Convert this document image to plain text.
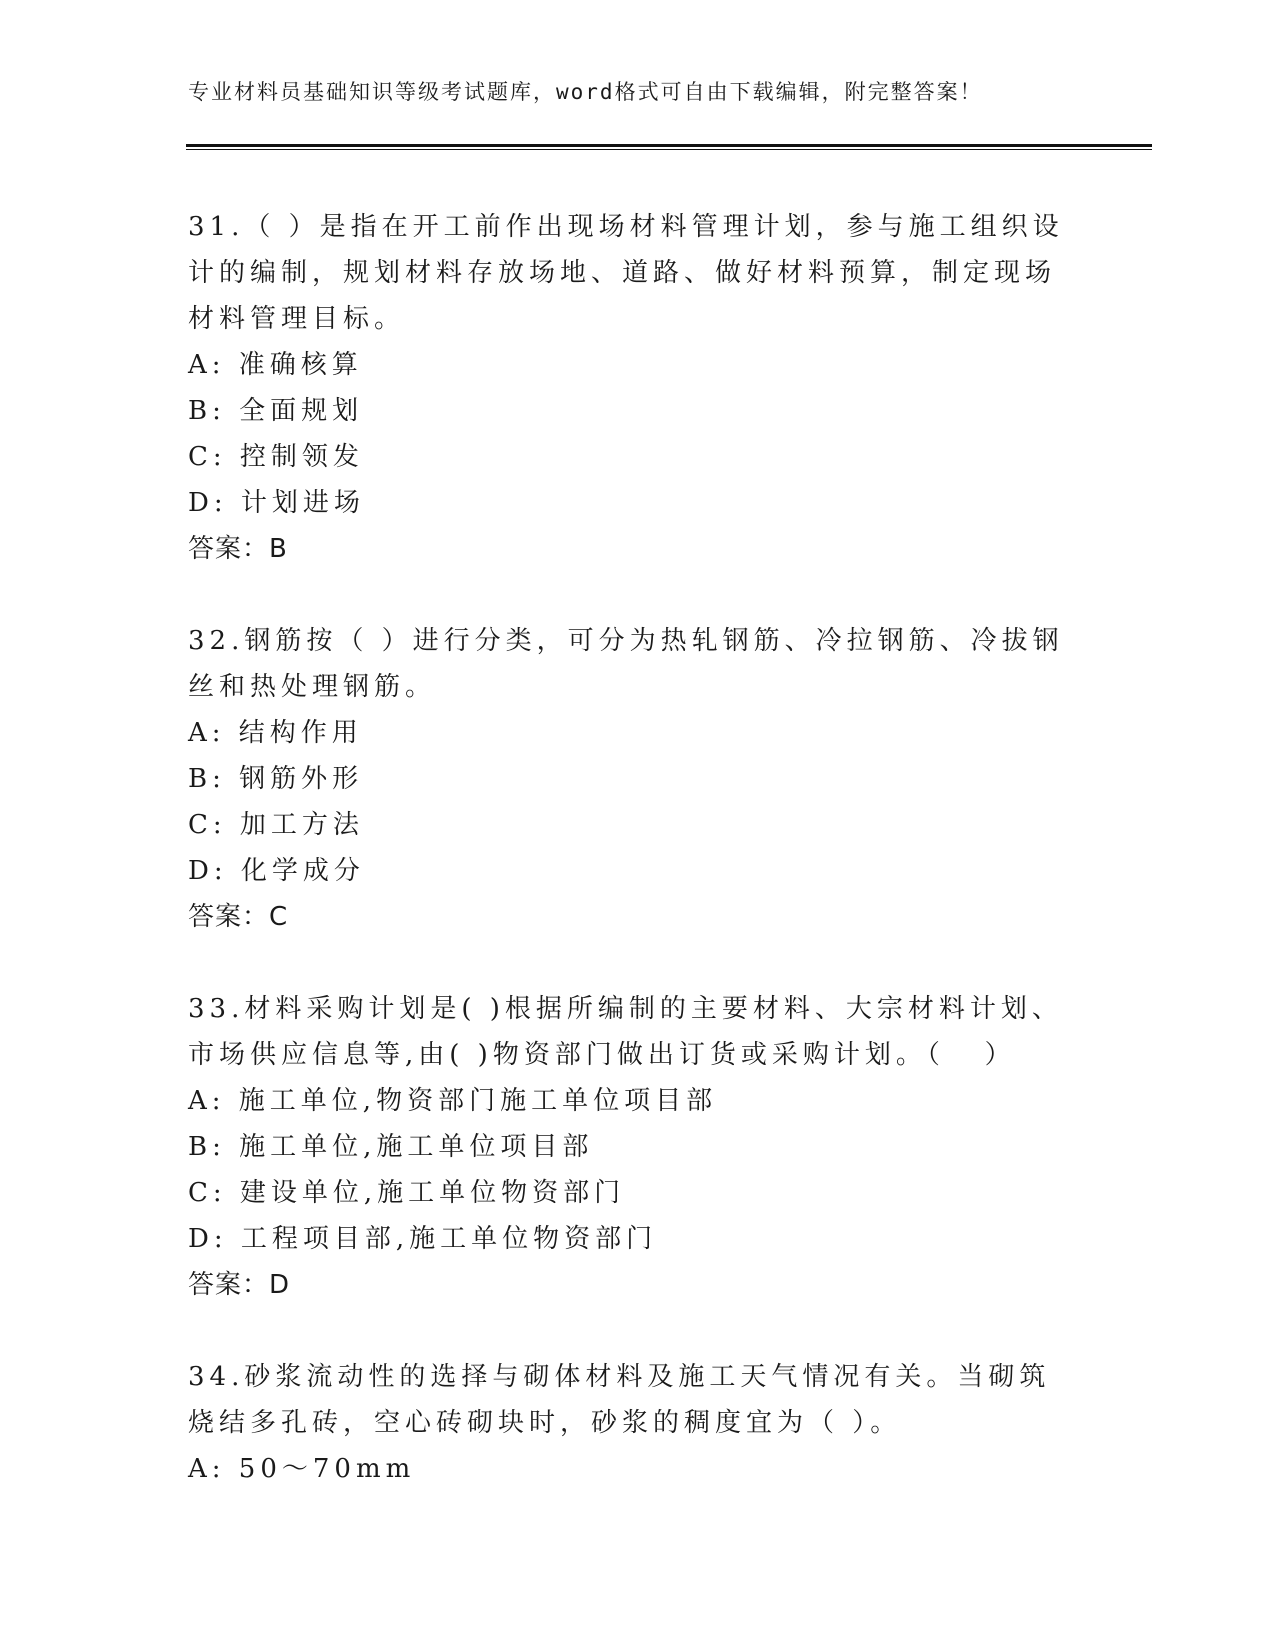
专业材料员基础知识等级考试题库，word格式可自由下载编辑，附完整答案！
31.（ ）是指在开工前作出现场材料管理计划，参与施工组织设计的编制，规划材料存放场地、道路、做好材料预算，制定现场材料管理目标。
A: 准确核算
B: 全面规划
C: 控制领发
D: 计划进场
答案：B
32.钢筋按（ ）进行分类，可分为热轧钢筋、冷拉钢筋、冷拔钢丝和热处理钢筋。
A: 结构作用
B: 钢筋外形
C: 加工方法
D: 化学成分
答案：C
33.材料采购计划是( )根据所编制的主要材料、大宗材料计划、市场供应信息等,由( )物资部门做出订货或采购计划。（   ）
A: 施工单位,物资部门施工单位项目部
B: 施工单位,施工单位项目部
C: 建设单位,施工单位物资部门
D: 工程项目部,施工单位物资部门
答案：D
34.砂浆流动性的选择与砌体材料及施工天气情况有关。当砌筑烧结多孔砖，空心砖砌块时，砂浆的稠度宜为（ ）。
A: 50～70mm
